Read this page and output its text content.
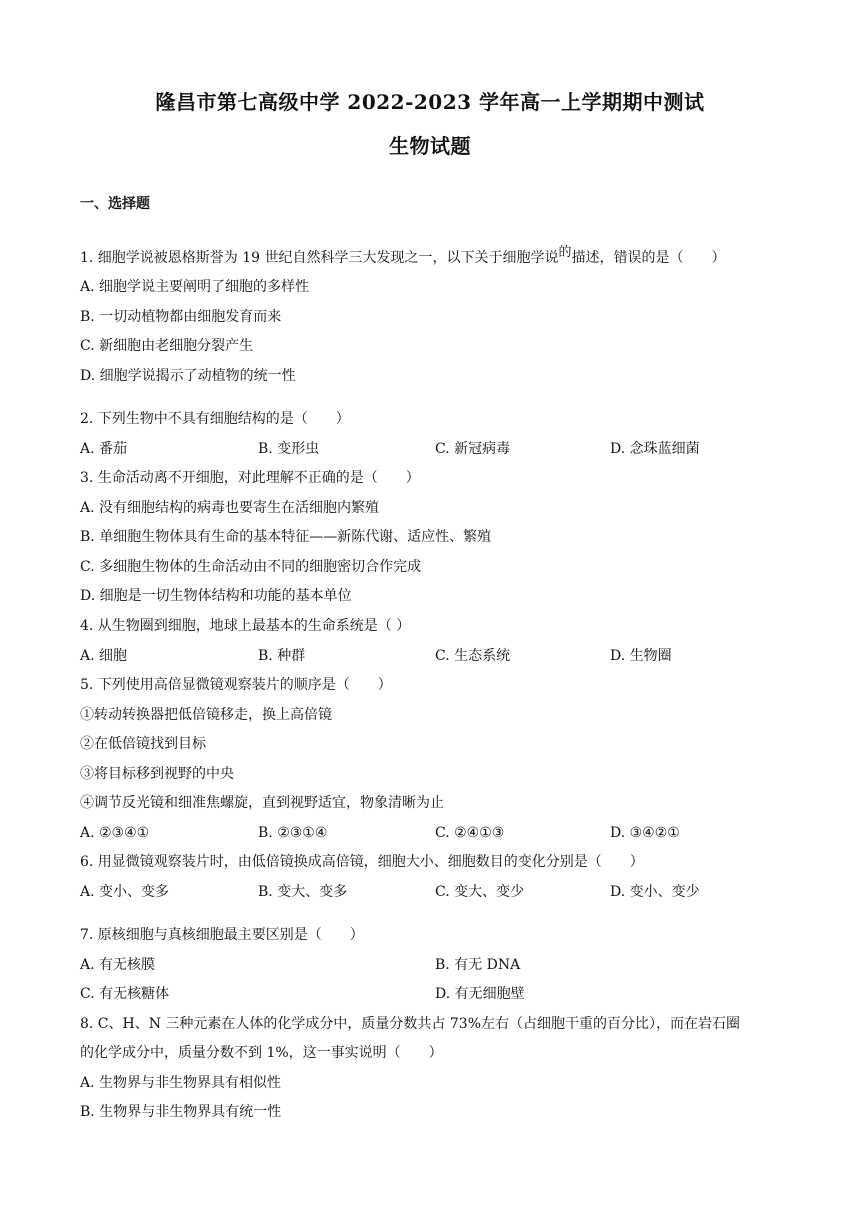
隆昌市第七高级中学 2022-2023 学年高一上学期期中测试
生物试题
一、选择题
1. 细胞学说被恩格斯誉为 19 世纪自然科学三大发现之一，以下关于细胞学说的描述，错误的是（　　）
A. 细胞学说主要阐明了细胞的多样性
B. 一切动植物都由细胞发育而来
C. 新细胞由老细胞分裂产生
D. 细胞学说揭示了动植物的统一性
2. 下列生物中不具有细胞结构的是（　　）
A. 番茄	B. 变形虫	C. 新冠病毒	D. 念珠蓝细菌
3. 生命活动离不开细胞，对此理解不正确的是（　　）
A. 没有细胞结构的病毒也要寄生在活细胞内繁殖
B. 单细胞生物体具有生命的基本特征——新陈代谢、适应性、繁殖
C. 多细胞生物体的生命活动由不同的细胞密切合作完成
D. 细胞是一切生物体结构和功能的基本单位
4. 从生物圈到细胞，地球上最基本的生命系统是（ ）
A. 细胞	B. 种群	C. 生态系统	D. 生物圈
5. 下列使用高倍显微镜观察装片的顺序是（　　）
①转动转换器把低倍镜移走，换上高倍镜
②在低倍镜找到目标
③将目标移到视野的中央
④调节反光镜和细准焦螺旋，直到视野适宜，物象清晰为止
A. ②③④①	B. ②③①④	C. ②④①③	D. ③④②①
6. 用显微镜观察装片时，由低倍镜换成高倍镜，细胞大小、细胞数目的变化分别是（　　）
A. 变小、变多	B. 变大、变多	C. 变大、变少	D. 变小、变少
7. 原核细胞与真核细胞最主要区别是（　　）
A. 有无核膜	B. 有无 DNA
C. 有无核糖体	D. 有无细胞壁
8. C、H、N 三种元素在人体的化学成分中，质量分数共占 73%左右（占细胞干重的百分比），而在岩石圈
的化学成分中，质量分数不到 1%，这一事实说明（　　）
A. 生物界与非生物界具有相似性
B. 生物界与非生物界具有统一性
